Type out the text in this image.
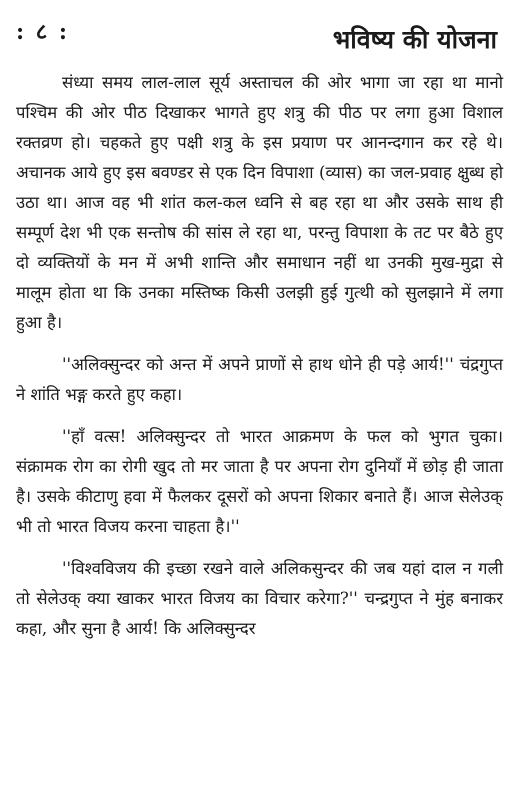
: ८ :	भविष्य की योजना

संध्या समय लाल-लाल सूर्य अस्ताचल की ओर भागा जा रहा था मानो पश्चिम की ओर पीठ दिखाकर भागते हुए शत्रु की पीठ पर लगा हुआ विशाल रक्तव्रण हो। चहकते हुए पक्षी शत्रु के इस प्रयाण पर आनन्दगान कर रहे थे। अचानक आये हुए इस बवण्डर से एक दिन विपाशा (व्यास) का जल-प्रवाह क्षुब्ध हो उठा था। आज वह भी शांत कल-कल ध्वनि से बह रहा था और उसके साथ ही सम्पूर्ण देश भी एक सन्तोष की सांस ले रहा था, परन्तु विपाशा के तट पर बैठे हुए दो व्यक्तियों के मन में अभी शान्ति और समाधान नहीं था उनकी मुख-मुद्रा से मालूम होता था कि उनका मस्तिष्क किसी उलझी हुई गुत्थी को सुलझाने में लगा हुआ है।

''अलिक्सुन्दर को अन्त में अपने प्राणों से हाथ धोने ही पड़े आर्य!'' चंद्रगुप्त ने शांति भङ्ग करते हुए कहा।

''हाँ वत्स! अलिक्सुन्दर तो भारत आक्रमण के फल को भुगत चुका। संक्रामक रोग का रोगी खुद तो मर जाता है पर अपना रोग दुनियाँ में छोड़ ही जाता है। उसके कीटाणु हवा में फैलकर दूसरों को अपना शिकार बनाते हैं। आज सेलेउक् भी तो भारत विजय करना चाहता है।''

''विश्वविजय की इच्छा रखने वाले अलिकसुन्दर की जब यहां दाल न गली तो सेलेउक् क्या खाकर भारत विजय का विचार करेगा?'' चन्द्रगुप्त ने मुंह बनाकर कहा, और सुना है आर्य! कि अलिक्सुन्दर
